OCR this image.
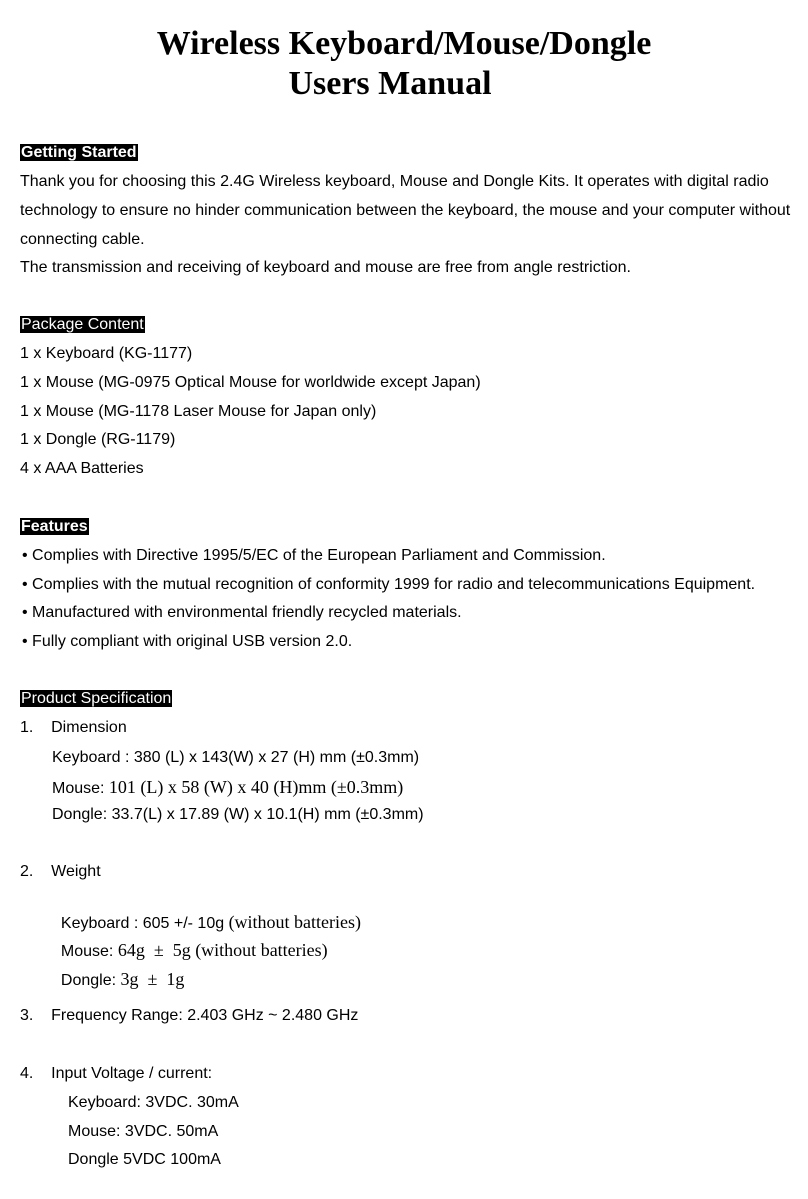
Wireless Keyboard/Mouse/Dongle
Users Manual
Getting Started
Thank you for choosing this 2.4G Wireless keyboard, Mouse and Dongle Kits. It operates with digital radio
technology to ensure no hinder communication between the keyboard, the mouse and your computer without
connecting cable.
The transmission and receiving of keyboard and mouse are free from angle restriction.
Package Content
1 x Keyboard (KG-1177)
1 x Mouse (MG-0975 Optical Mouse for worldwide except Japan)
1 x Mouse (MG-1178 Laser Mouse for Japan only)
1 x Dongle (RG-1179)
4 x AAA Batteries
Features
• Complies with Directive 1995/5/EC of the European Parliament and Commission.
• Complies with the mutual recognition of conformity 1999 for radio and telecommunications Equipment.
• Manufactured with environmental friendly recycled materials.
• Fully compliant with original USB version 2.0.
Product Specification
1.    Dimension
Keyboard : 380 (L) x 143(W) x 27 (H) mm (±0.3mm)
Mouse: 101 (L) x 58 (W) x 40 (H)mm (±0.3mm)
Dongle: 33.7(L) x 17.89 (W) x 10.1(H) mm (±0.3mm)
2.    Weight

Keyboard : 605 +/- 10g (without batteries)

Mouse: 64g  ±  5g (without batteries)

Dongle: 3g  ±  1g

3.    Frequency Range: 2.403 GHz ~ 2.480 GHz
4.    Input Voltage / current:
Keyboard: 3VDC. 30mA
Mouse: 3VDC. 50mA
Dongle 5VDC 100mA
